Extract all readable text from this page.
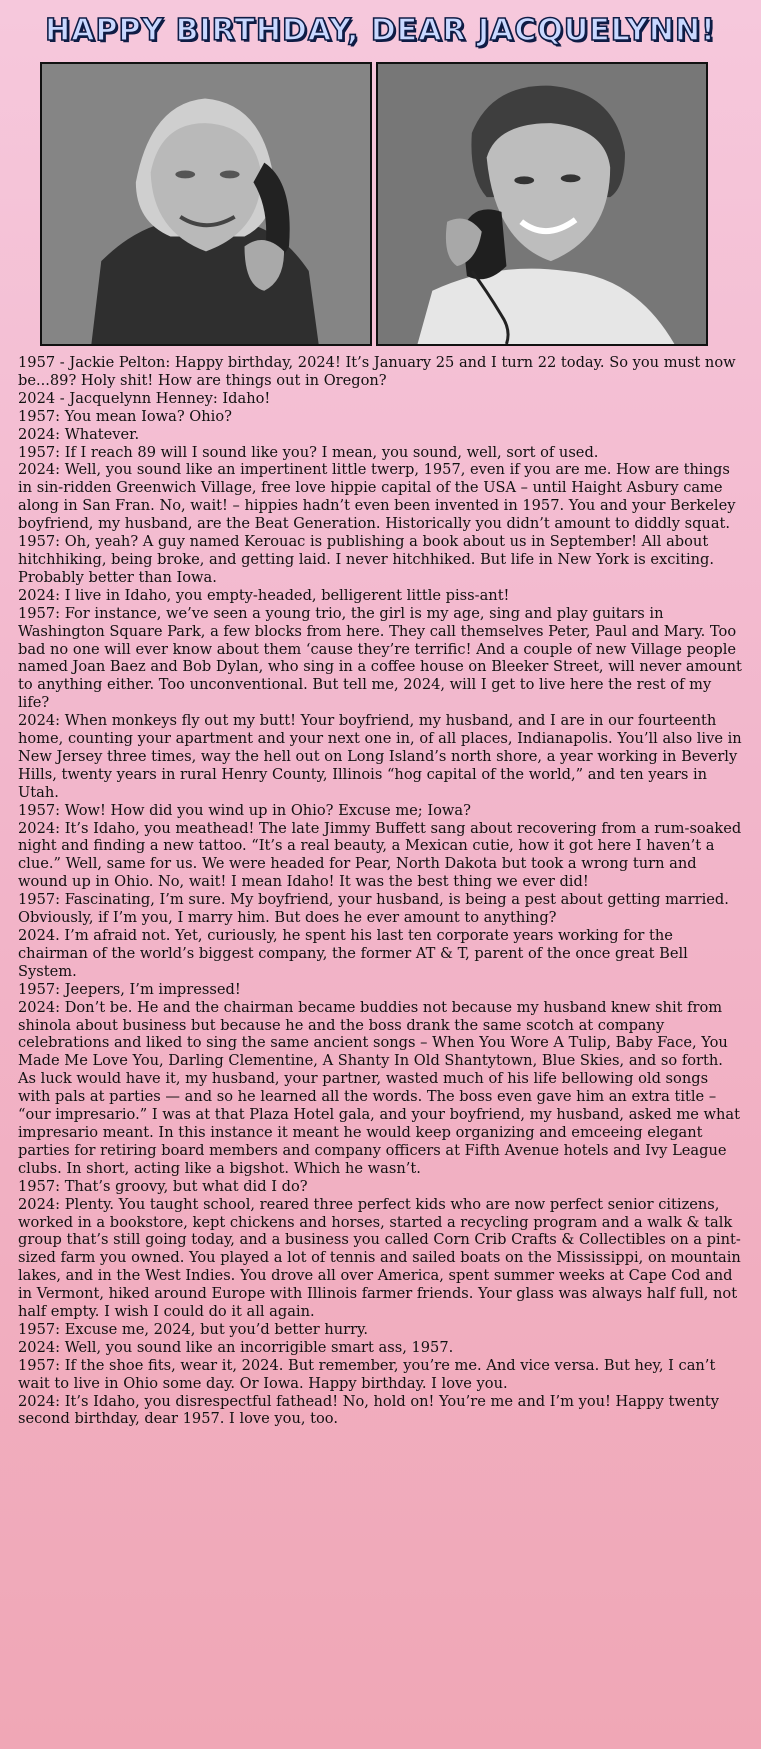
HAPPY BIRTHDAY, DEAR JACQUELYNN!

1957 - Jackie Pelton: Happy birthday, 2024! It’s January 25 and I turn 22 today. So you must now be...89? Holy shit! How are things out in Oregon?

2024 - Jacquelynn Henney: Idaho!

1957: You mean Iowa? Ohio?

2024: Whatever.

1957: If I reach 89 will I sound like you? I mean, you sound, well, sort of used.

2024: Well, you sound like an impertinent little twerp, 1957, even if you are me. How are things in sin-ridden Greenwich Village, free love hippie capital of the USA – until Haight Asbury came along in San Fran. No, wait! – hippies hadn’t even been invented in 1957. You and your Berkeley boyfriend, my husband, are the Beat Generation. Historically you didn’t amount to diddly squat.

1957: Oh, yeah? A guy named Kerouac is publishing a book about us in September! All about hitchhiking, being broke, and getting laid. I never hitchhiked. But life in New York is exciting. Probably better than Iowa.

2024: I live in Idaho, you empty-headed, belligerent little piss-ant!

1957: For instance, we’ve seen a young trio, the girl is my age, sing and play guitars in Washington Square Park, a few blocks from here. They call themselves Peter, Paul and Mary. Too bad no one will ever know about them ‘cause they’re terrific! And a couple of new Village people named Joan Baez and Bob Dylan, who sing in a coffee house on Bleeker Street, will never amount to anything either. Too unconventional. But tell me, 2024, will I get to live here the rest of my life?

2024: When monkeys fly out my butt! Your boyfriend, my husband, and I are in our fourteenth home, counting your apartment and your next one in, of all places, Indianapolis. You’ll also live in New Jersey three times, way the hell out on Long Island’s north shore, a year working in Beverly Hills, twenty years in rural Henry County, Illinois “hog capital of the world,” and ten years in Utah.

1957: Wow! How did you wind up in Ohio? Excuse me; Iowa?

2024: It’s Idaho, you meathead! The late Jimmy Buffett sang about recovering from a rum-soaked night and finding a new tattoo. “It’s a real beauty, a Mexican cutie, how it got here I haven’t a clue.” Well, same for us. We were headed for Pear, North Dakota but took a wrong turn and wound up in Ohio. No, wait! I mean Idaho! It was the best thing we ever did!

1957: Fascinating, I’m sure. My boyfriend, your husband, is being a pest about getting married. Obviously, if I’m you, I marry him. But does he ever amount to anything?

2024. I’m afraid not. Yet, curiously, he spent his last ten corporate years working for the chairman of the world’s biggest company, the former AT & T, parent of the once great Bell System.

1957: Jeepers, I’m impressed!

2024: Don’t be. He and the chairman became buddies not because my husband knew shit from shinola about business but because he and the boss drank the same scotch at company celebrations and liked to sing the same ancient songs – When You Wore A Tulip, Baby Face, You Made Me Love You, Darling Clementine, A Shanty In Old Shantytown, Blue Skies, and so forth. As luck would have it, my husband, your partner, wasted much of his life bellowing old songs with pals at parties — and so he learned all the words. The boss even gave him an extra title – “our impresario.” I was at that Plaza Hotel gala, and your boyfriend, my husband, asked me what impresario meant. In this instance it meant he would keep organizing and emceeing elegant parties for retiring board members and company officers at Fifth Avenue hotels and Ivy League clubs. In short, acting like a bigshot. Which he wasn’t.

1957: That’s groovy, but what did I do?

2024: Plenty. You taught school, reared three perfect kids who are now perfect senior citizens, worked in a bookstore, kept chickens and horses, started a recycling program and a walk & talk group that’s still going today, and a business you called Corn Crib Crafts & Collectibles on a pint-sized farm you owned. You played a lot of tennis and sailed boats on the Mississippi, on mountain lakes, and in the West Indies. You drove all over America, spent summer weeks at Cape Cod and in Vermont, hiked around Europe with Illinois farmer friends. Your glass was always half full, not half empty. I wish I could do it all again.

1957: Excuse me, 2024, but you’d better hurry.

2024: Well, you sound like an incorrigible smart ass, 1957.

1957: If the shoe fits, wear it, 2024. But remember, you’re me. And vice versa. But hey, I can’t wait to live in Ohio some day. Or Iowa. Happy birthday. I love you.

2024: It’s Idaho, you disrespectful fathead! No, hold on! You’re me and I’m you! Happy twenty second birthday, dear 1957. I love you, too.
